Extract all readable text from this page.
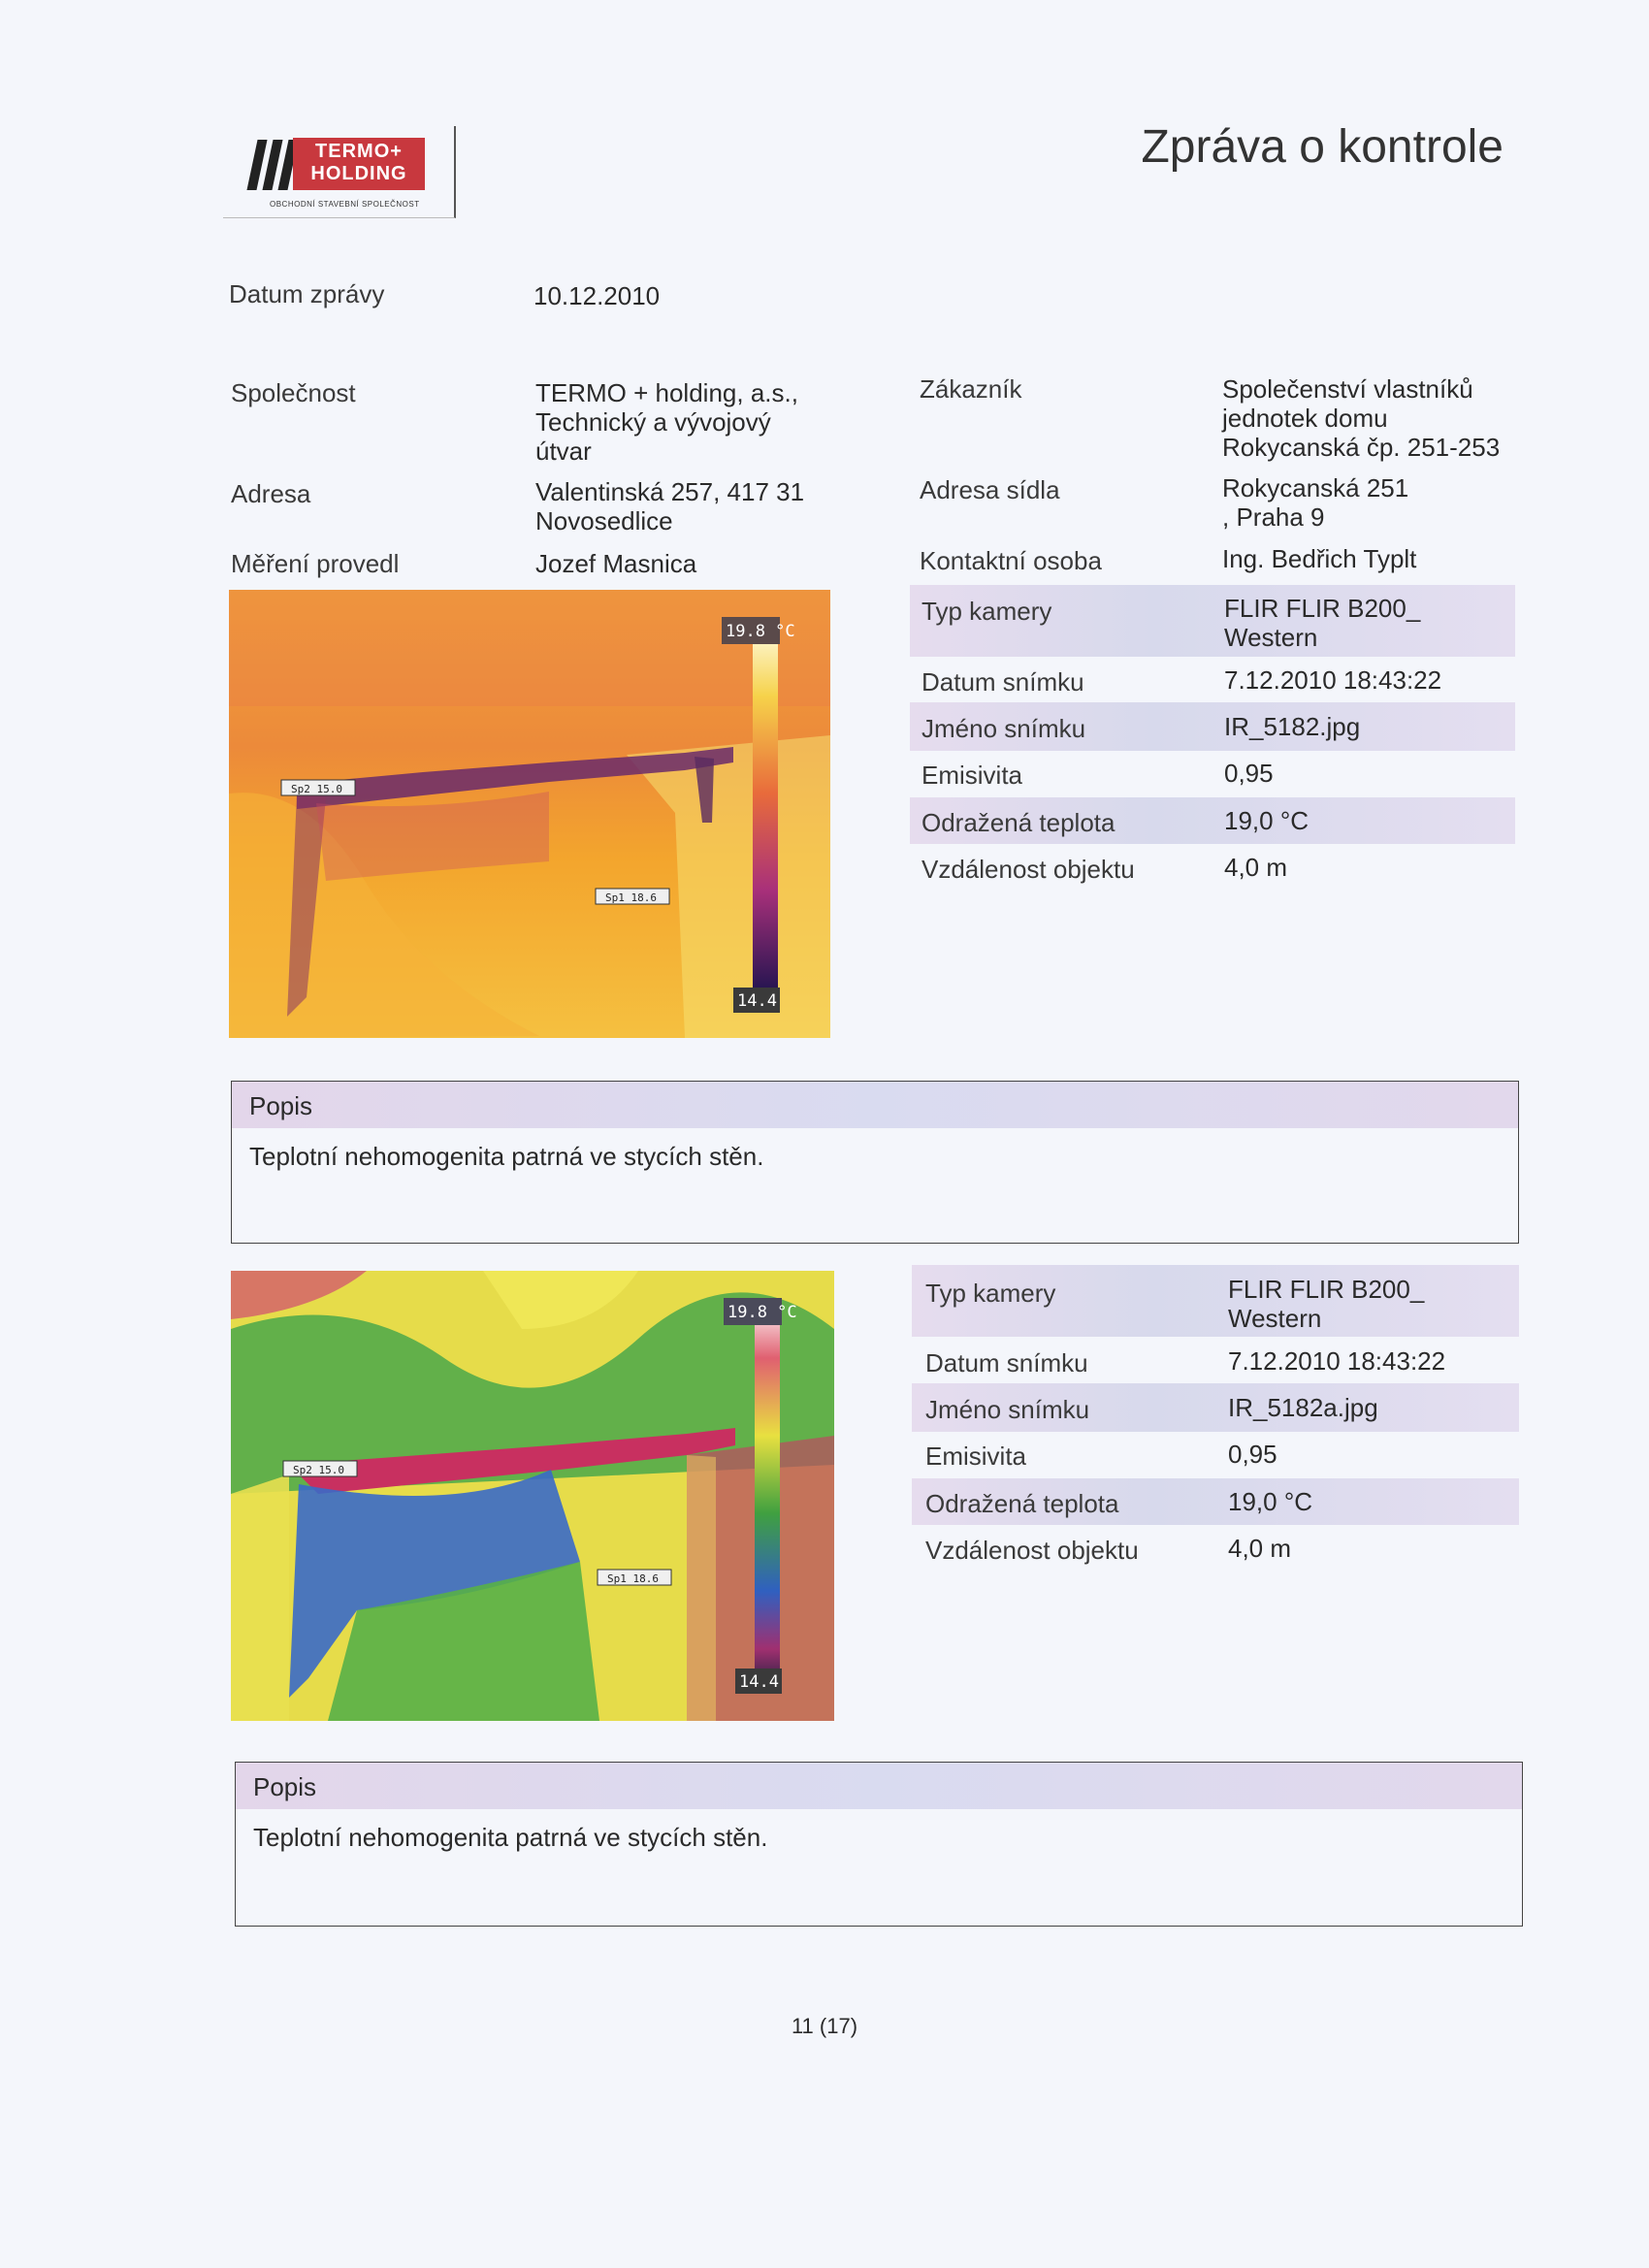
TERMO+
HOLDING
OBCHODNÍ STAVEBNÍ SPOLEČNOST
Zpráva o kontrole
Datum zprávy	10.12.2010
Společnost	TERMO + holding, a.s.,
Technický a vývojový
útvar
Adresa	Valentinská 257, 417 31
Novosedlice
Měření provedl	Jozef Masnica
Zákazník	Společenství vlastníků
jednotek domu
Rokycanská čp. 251-253
Adresa sídla	Rokycanská 251
, Praha 9
Kontaktní osoba	Ing. Bedřich Typlt
19.8 °C
14.4
Sp2 15.0
Sp1 18.6
Typ kamery	FLIR FLIR B200_
Western
Datum snímku	7.12.2010 18:43:22
Jméno snímku	IR_5182.jpg
Emisivita	0,95
Odražená teplota	19,0 °C
Vzdálenost objektu	4,0 m
Popis
Teplotní nehomogenita patrná ve stycích stěn.
19.8 °C
14.4
Sp2 15.0
Sp1 18.6
Typ kamery	FLIR FLIR B200_
Western
Datum snímku	7.12.2010 18:43:22
Jméno snímku	IR_5182a.jpg
Emisivita	0,95
Odražená teplota	19,0 °C
Vzdálenost objektu	4,0 m
Popis
Teplotní nehomogenita patrná ve stycích stěn.
11 (17)
